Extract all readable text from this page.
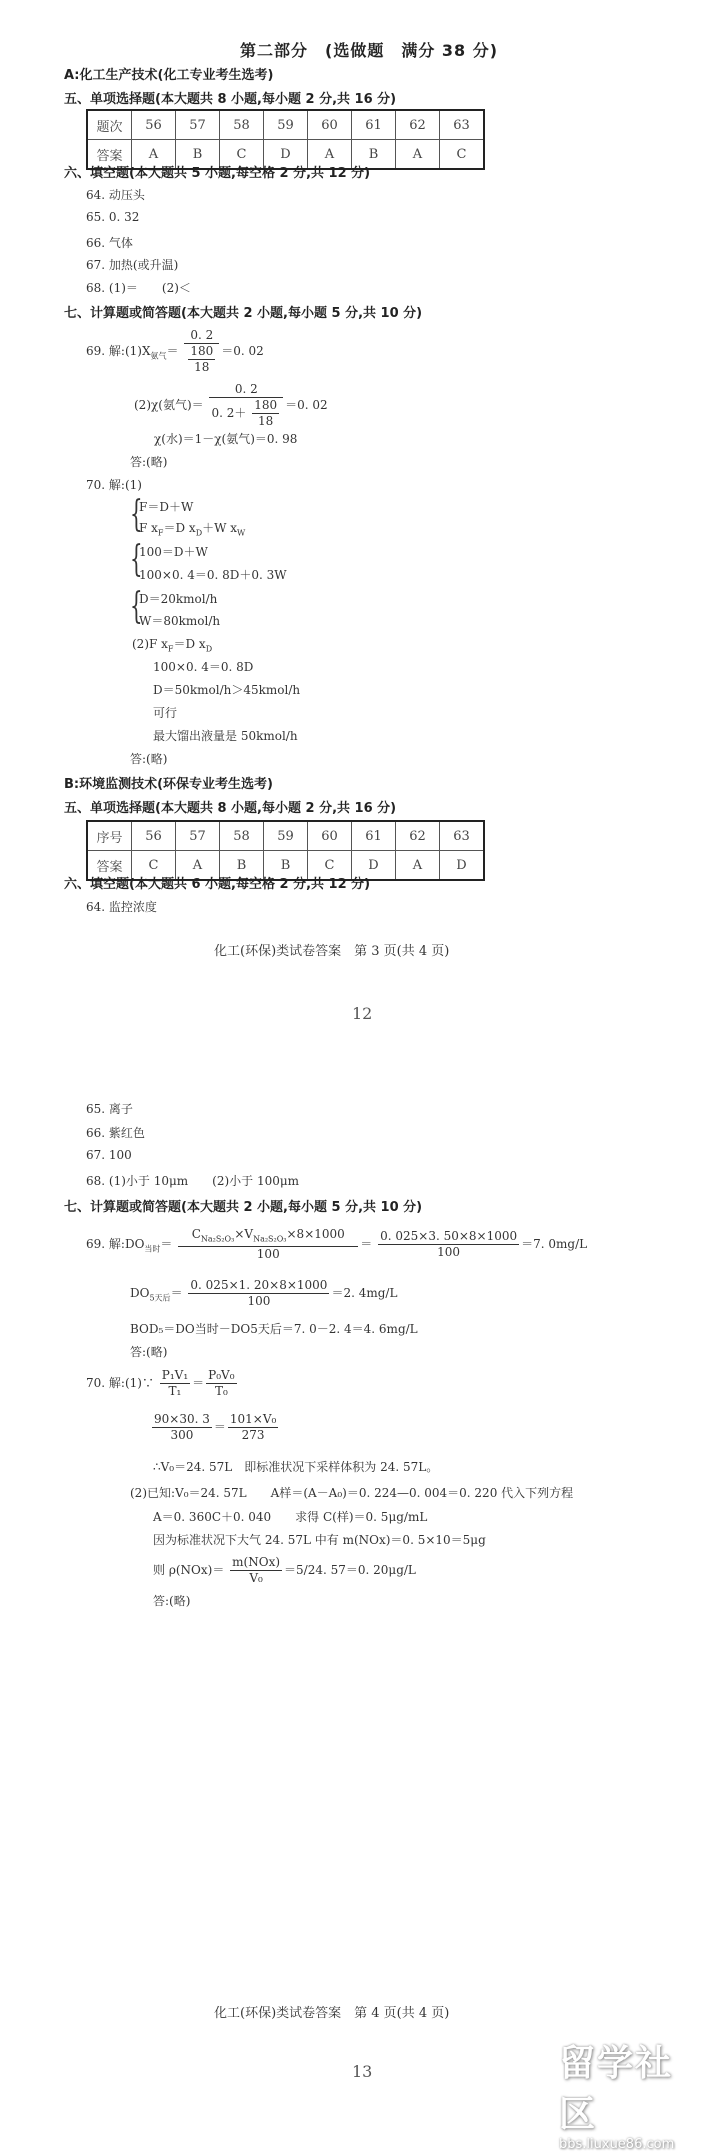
第二部分　(选做题　满分 38 分)
A:化工生产技术(化工专业考生选考)
五、单项选择题(本大题共 8 小题,每小题 2 分,共 16 分)
题次	56	57	58	59	60	61	62	63
答案	A	B	C	D	A	B	A	C
六、填空题(本大题共 5 小题,每空格 2 分,共 12 分)
64. 动压头
65. 0. 32
66. 气体
67. 加热(或升温)
68. (1)＝　　(2)＜
七、计算题或简答题(本大题共 2 小题,每小题 5 分,共 10 分)
69. 解$:(1)X_{氨气}= \frac{0. 2}{\frac{180}{18}} =0$. 02
(2)χ(氨气)＝ $\frac{0. 2}{0. 2+ \frac{180}{18}} =0$. 02
χ(水)＝1－χ(氨气)＝0. 98
答:(略)
70. 解:(1)
{
F＝D＋W
F $x_F=D$ $x_D+W$ $x_W$
{
100＝D＋W
100×0. 4＝0. 8D＋0. 3W
{
D＝20kmol/h
W＝80kmol/h
(2)F $x_F=D$ $x_D$
100×0. 4＝0. 8D
D＝50kmol/h＞45kmol/h
可行
最大馏出液量是 50kmol/h
答:(略)
B:环境监测技术(环保专业考生选考)
五、单项选择题(本大题共 8 小题,每小题 2 分,共 16 分)
序号	56	57	58	59	60	61	62	63
答案	C	A	B	B	C	D	A	D
六、填空题(本大题共 6 小题,每空格 2 分,共 12 分)
64. 监控浓度
化工(环保)类试卷答案　第 3 页(共 4 页)
12
65. 离子
66. 紫红色
67. 100
68. (1)小于 10μm　　(2)小于 100μm
七、计算题或简答题(本大题共 2 小题,每小题 5 分,共 10 分)
69. 解$:DO_{当时}= \frac{C_{Na_2S_2O_3}\times V_{Na_2S_2O_3}\times 8\times 1000}{100} = \frac{0. 025\times 3. 50\times 8\times 1000}{100} =7$. 0mg/L
$DO_{5天后}= \frac{0. 025\times 1. 20\times 8\times 1000}{100} =2$. 4mg/L
BOD₅＝DO当时－DO5天后＝7. 0－2. 4＝4. 6mg/L
答:(略)
70. 解:(1)∵ $\frac{\text{P₁V₁}}{\text{T₁}} = \frac{\text{P₀V₀}}{\text{T₀}}$
$\frac{90\times 30. 3}{300} = \frac{\text{101×V₀}}{273}$
∴V₀＝24. 57L　即标准状况下采样体积为 24. 57L。
(2)已知:V₀＝24. 57L　　A样＝(A－A₀)＝0. 224—0. 004＝0. 220 代入下列方程
A＝0. 360C＋0. 040　　求得 C(样)＝0. 5μg/mL
因为标准状况下大气 24. 57L 中有 m(NOx)＝0. 5×10＝5μg
则 $\rho(NOx)= \frac{\text{m(NOx)}}{\text{V₀}} =5/24$. 57＝0. 20μg/L
答:(略)
化工(环保)类试卷答案　第 4 页(共 4 页)
13	留学社区
bbs.liuxue86.com
